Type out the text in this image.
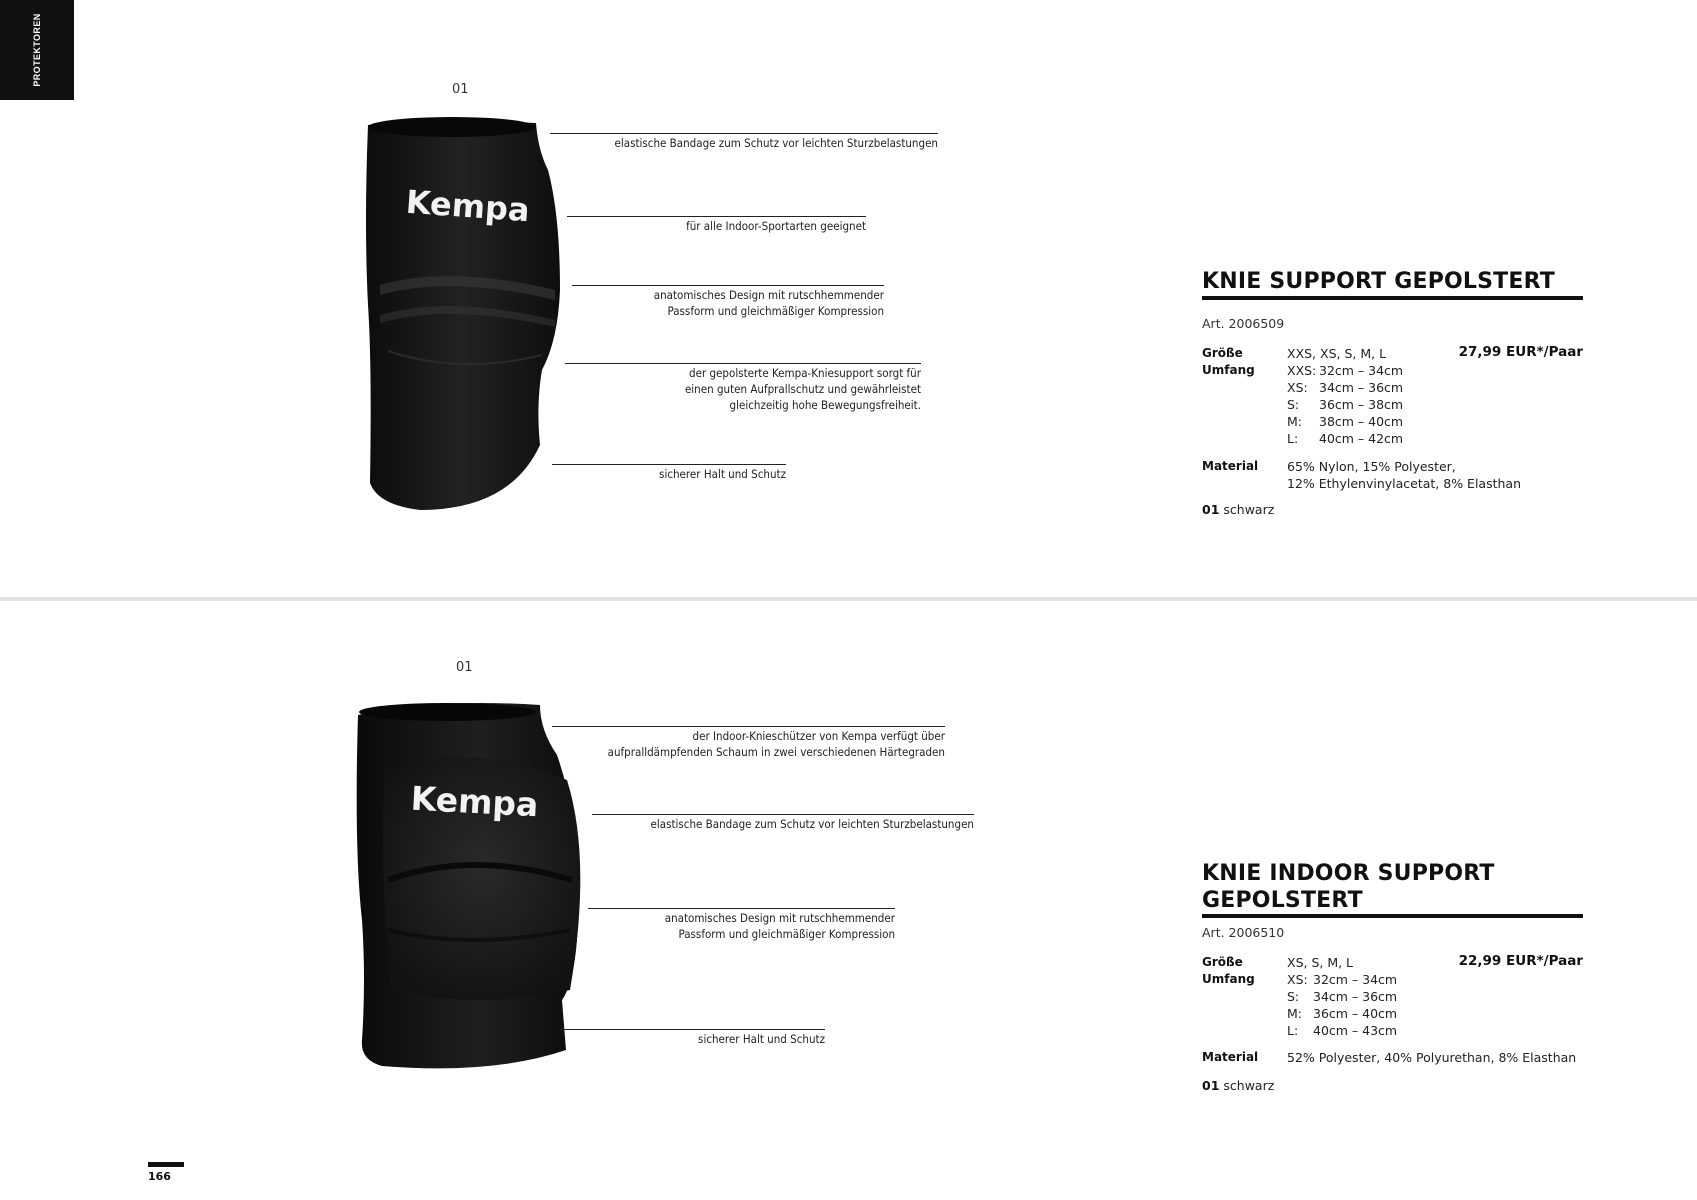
PROTEKTOREN
01
Kempa
elastische Bandage zum Schutz vor leichten Sturzbelastungen
für alle Indoor-Sportarten geeignet
anatomisches Design mit rutschhemmender
Passform und gleichmäßiger Kompression
der gepolsterte Kempa-Kniesupport sorgt für
einen guten Aufprallschutz und gewährleistet
gleichzeitig hohe Bewegungsfreiheit.
sicherer Halt und Schutz
KNIE SUPPORT GEPOLSTERT
Art. 2006509
Größe	XXS, XS, S, M, L	27,99 EUR*/Paar
Umfang	XXS: 32cm – 34cm
XS: 34cm – 36cm
S:	36cm – 38cm
M:	38cm – 40cm
L:	40cm – 42cm
Material 65% Nylon, 15% Polyester,
12% Ethylenvinylacetat, 8% Elasthan
01 schwarz
01
Kempa
der Indoor-Knieschützer von Kempa verfügt über
aufpralldämpfenden Schaum in zwei verschiedenen Härtegraden
elastische Bandage zum Schutz vor leichten Sturzbelastungen
anatomisches Design mit rutschhemmender
Passform und gleichmäßiger Kompression
sicherer Halt und Schutz
KNIE INDOOR SUPPORT
GEPOLSTERT
Art. 2006510
Größe	XS, S, M, L	22,99 EUR*/Paar
Umfang	XS: 32cm – 34cm
S:	34cm – 36cm
M: 36cm – 40cm
L:	40cm – 43cm
Material 52% Polyester, 40% Polyurethan, 8% Elasthan
01 schwarz
166
